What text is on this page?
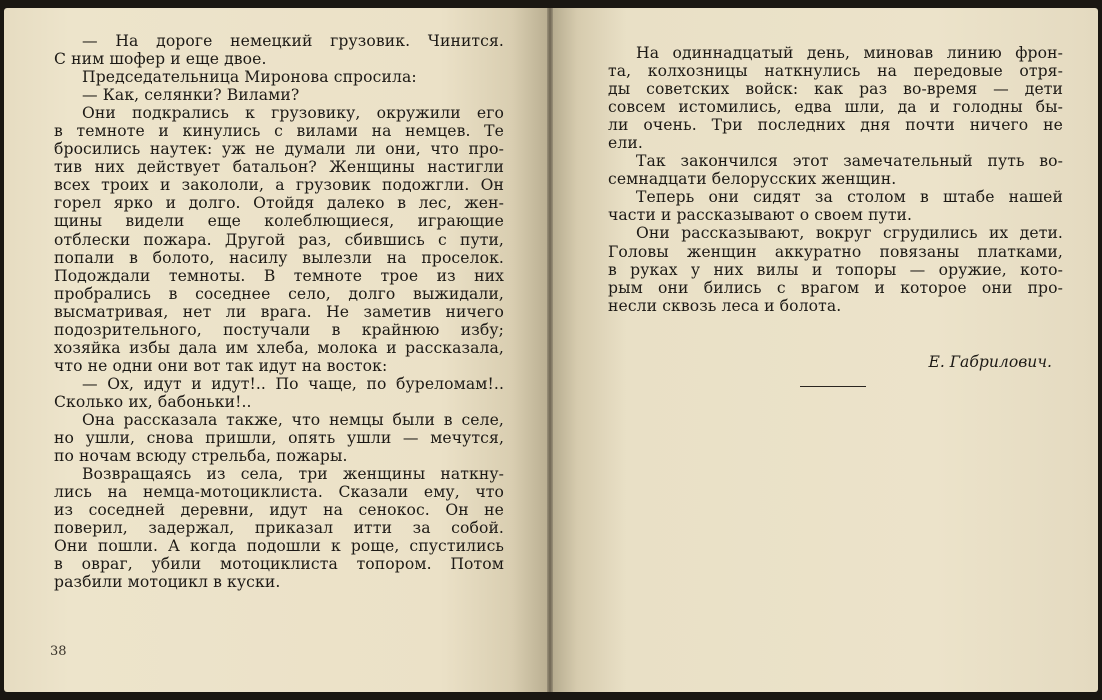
— На дороге немецкий грузовик. Чинится.
С ним шофер и еще двое.
Председательница Миронова спросила:
— Как, селянки? Вилами?
Они подкрались к грузовику, окружили его
в темноте и кинулись с вилами на немцев. Те
бросились наутек: уж не думали ли они, что про-
тив них действует батальон? Женщины настигли
всех троих и закололи, а грузовик подожгли. Он
горел ярко и долго. Отойдя далеко в лес, жен-
щины видели еще колеблющиеся, играющие
отблески пожара. Другой раз, сбившись с пути,
попали в болото, насилу вылезли на проселок.
Подождали темноты. В темноте трое из них
пробрались в соседнее село, долго выжидали,
высматривая, нет ли врага. Не заметив ничего
подозрительного, постучали в крайнюю избу;
хозяйка избы дала им хлеба, молока и рассказала,
что не одни они вот так идут на восток:
— Ох, идут и идут!.. По чаще, по буреломам!..
Сколько их, бабоньки!..
Она рассказала также, что немцы были в селе,
но ушли, снова пришли, опять ушли — мечутся,
по ночам всюду стрельба, пожары.
Возвращаясь из села, три женщины наткну-
лись на немца-мотоциклиста. Сказали ему, что
из соседней деревни, идут на сенокос. Он не
поверил, задержал, приказал итти за собой.
Они пошли. А когда подошли к роще, спустились
в овраг, убили мотоциклиста топором. Потом
разбили мотоцикл в куски.
38
На одиннадцатый день, миновав линию фрон-
та, колхозницы наткнулись на передовые отря-
ды советских войск: как раз во-время — дети
совсем истомились, едва шли, да и голодны бы-
ли очень. Три последних дня почти ничего не
ели.
Так закончился этот замечательный путь во-
семнадцати белорусских женщин.
Теперь они сидят за столом в штабе нашей
части и рассказывают о своем пути.
Они рассказывают, вокруг сгрудились их дети.
Головы женщин аккуратно повязаны платками,
в руках у них вилы и топоры — оружие, кото-
рым они бились с врагом и которое они про-
несли сквозь леса и болота.
Е. Габрилович.
